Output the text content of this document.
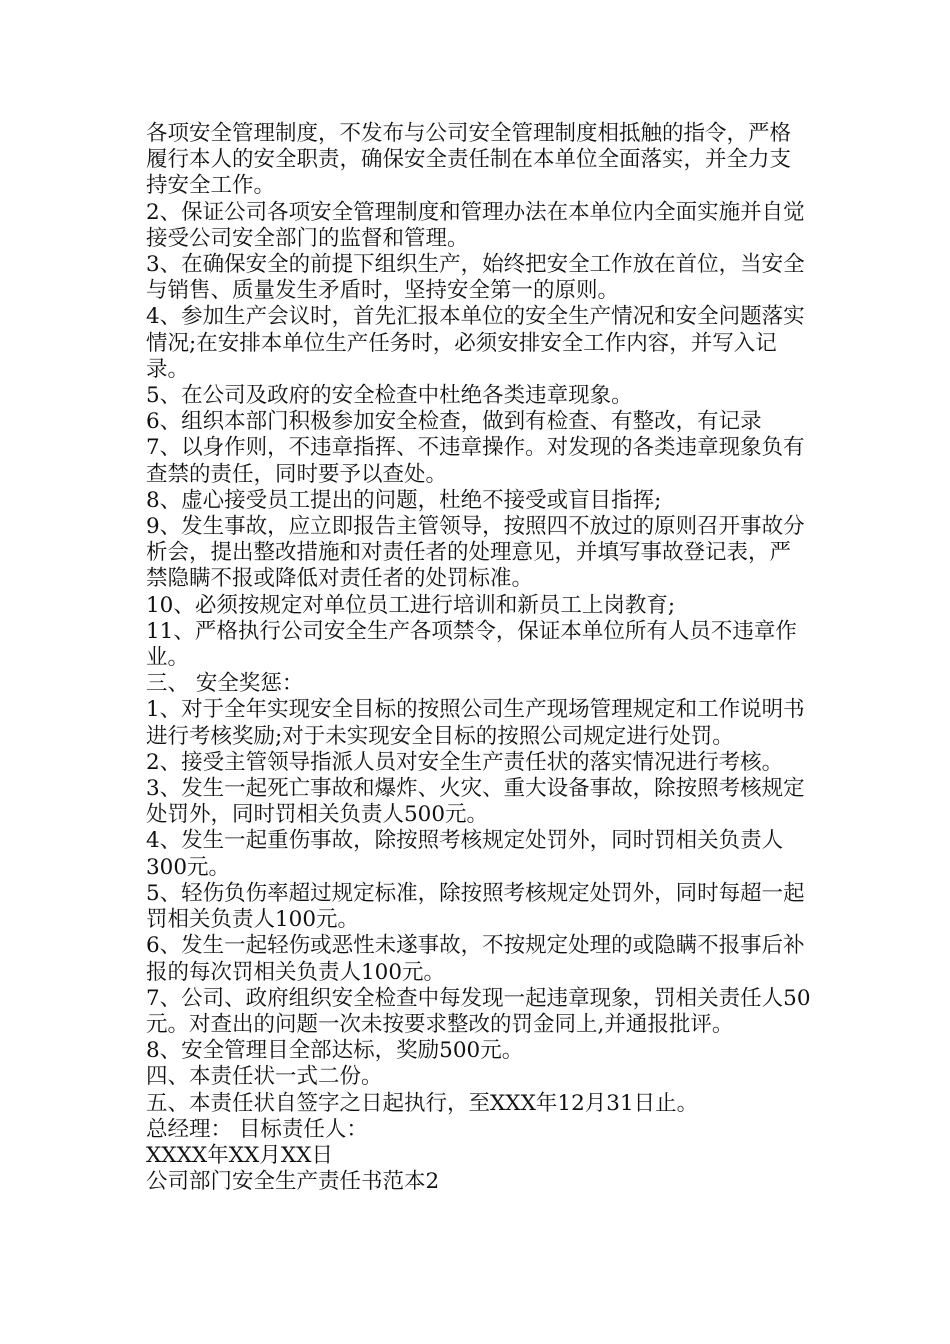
各项安全管理制度，不发布与公司安全管理制度相抵触的指令，严格履行本人的安全职责，确保安全责任制在本单位全面落实，并全力支持安全工作。

2、保证公司各项安全管理制度和管理办法在本单位内全面实施并自觉接受公司安全部门的监督和管理。

3、在确保安全的前提下组织生产，始终把安全工作放在首位，当安全与销售、质量发生矛盾时，坚持安全第一的原则。

4、参加生产会议时，首先汇报本单位的安全生产情况和安全问题落实情况;在安排本单位生产任务时，必须安排安全工作内容，并写入记录。

5、在公司及政府的安全检查中杜绝各类违章现象。

6、组织本部门积极参加安全检查，做到有检查、有整改，有记录

7、以身作则，不违章指挥、不违章操作。对发现的各类违章现象负有查禁的责任，同时要予以查处。

8、虚心接受员工提出的问题，杜绝不接受或盲目指挥;

9、发生事故，应立即报告主管领导，按照四不放过的原则召开事故分析会，提出整改措施和对责任者的处理意见，并填写事故登记表，严禁隐瞒不报或降低对责任者的处罚标准。

10、必须按规定对单位员工进行培训和新员工上岗教育;

11、严格执行公司安全生产各项禁令，保证本单位所有人员不违章作业。

三、 安全奖惩：

1、对于全年实现安全目标的按照公司生产现场管理规定和工作说明书进行考核奖励;对于未实现安全目标的按照公司规定进行处罚。

2、接受主管领导指派人员对安全生产责任状的落实情况进行考核。

3、发生一起死亡事故和爆炸、火灾、重大设备事故，除按照考核规定处罚外，同时罚相关负责人500元。

4、发生一起重伤事故，除按照考核规定处罚外，同时罚相关负责人300元。

5、轻伤负伤率超过规定标准，除按照考核规定处罚外，同时每超一起罚相关负责人100元。

6、发生一起轻伤或恶性未遂事故，不按规定处理的或隐瞒不报事后补报的每次罚相关负责人100元。

7、公司、政府组织安全检查中每发现一起违章现象，罚相关责任人50元。对查出的问题一次未按要求整改的罚金同上,并通报批评。

8、安全管理目全部达标，奖励500元。

四、本责任状一式二份。

五、本责任状自签字之日起执行，至XXX年12月31日止。

总经理： 目标责任人：

XXXX年XX月XX日

公司部门安全生产责任书范本2
